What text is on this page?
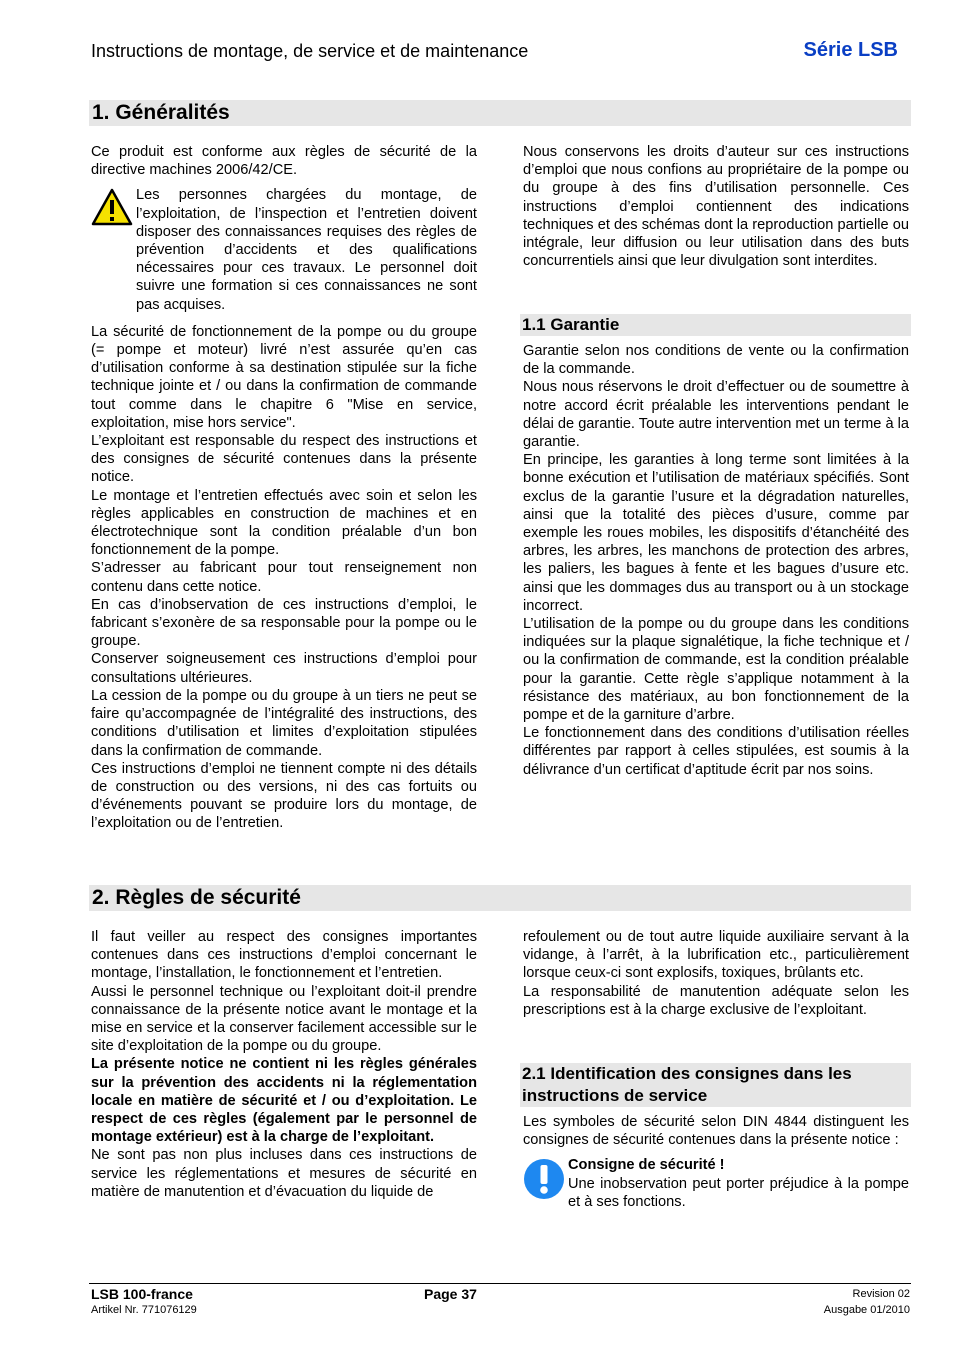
Instructions de montage, de service et de maintenance	Série LSB
1. Généralités

Ce produit est conforme aux règles de sécurité de la directive machines 2006/42/CE.

Les personnes chargées du montage, de l’exploitation, de l’inspection et l’entretien doivent disposer des connaissances requises des règles de prévention d’accidents et des qualifications nécessaires pour ces travaux. Le personnel doit suivre une formation si ces connaissances ne sont pas acquises.

La sécurité de fonctionnement de la pompe ou du groupe (= pompe et moteur) livré n’est assurée qu’en cas d’utilisation conforme à sa destination stipulée sur la fiche technique jointe et / ou dans la confirmation de commande tout comme dans le chapitre 6 "Mise en service, exploitation, mise hors service".

L’exploitant est responsable du respect des instructions et des consignes de sécurité contenues dans la présente notice.

Le montage et l’entretien effectués avec soin et selon les règles applicables en construction de machines et en électrotechnique sont la condition préalable d’un bon fonctionnement de la pompe.

S’adresser au fabricant pour tout renseignement non contenu dans cette notice.

En cas d’inobservation de ces instructions d’emploi, le fabricant s’exonère de sa responsable pour la pompe ou le groupe.

Conserver soigneusement ces instructions d’emploi pour consultations ultérieures.

La cession de la pompe ou du groupe à un tiers ne peut se faire qu’accompagnée de l’intégralité des instructions, des conditions d’utilisation et limites d’exploitation stipulées dans la confirmation de commande.

Ces instructions d’emploi ne tiennent compte ni des détails de construction ou des versions, ni des cas fortuits ou d’événements pouvant se produire lors du montage, de l’exploitation ou de l’entretien.

Nous conservons les droits d’auteur sur ces instructions d’emploi que nous confions au propriétaire de la pompe ou du groupe à des fins d’utilisation personnelle. Ces instructions d’emploi contiennent des indications techniques et des schémas dont la reproduction partielle ou intégrale, leur diffusion ou leur utilisation dans des buts concurrentiels ainsi que leur divulgation sont interdites.

1.1 Garantie

Garantie selon nos conditions de vente ou la confirmation de la commande.

Nous nous réservons le droit d’effectuer ou de soumettre à notre accord écrit préalable les interventions pendant le délai de garantie. Toute autre intervention met un terme à la garantie.

En principe, les garanties à long terme sont limitées à la bonne exécution et l’utilisation de matériaux spécifiés. Sont exclus de la garantie l’usure et la dégradation naturelles, ainsi que la totalité des pièces d’usure, comme par exemple les roues mobiles, les dispositifs d’étanchéité des arbres, les arbres, les manchons de protection des arbres, les paliers, les bagues à fente et les bagues d’usure etc. ainsi que les dommages dus au transport ou à un stockage incorrect.

L’utilisation de la pompe ou du groupe dans les conditions indiquées sur la plaque signalétique, la fiche technique et / ou la confirmation de commande, est la condition préalable pour la garantie. Cette règle s’applique notamment à la résistance des matériaux, au bon fonctionnement de la pompe et de la garniture d’arbre.

Le fonctionnement dans des conditions d’utilisation réelles différentes par rapport à celles stipulées, est soumis à la délivrance d’un certificat d’aptitude écrit par nos soins.

2. Règles de sécurité

Il faut veiller au respect des consignes importantes contenues dans ces instructions d’emploi concernant le montage, l’installation, le fonctionnement et l’entretien.

Aussi le personnel technique ou l’exploitant doit-il prendre connaissance de la présente notice avant le montage et la mise en service et la conserver facilement accessible sur le site d’exploitation de la pompe ou du groupe.

La présente notice ne contient ni les règles générales sur la prévention des accidents ni la réglementation locale en matière de sécurité et / ou d’exploitation. Le respect de ces règles (également par le personnel de montage extérieur) est à la charge de l’exploitant.

Ne sont pas non plus incluses dans ces instructions de service les réglementations et mesures de sécurité en matière de manutention et d’évacuation du liquide de

refoulement ou de tout autre liquide auxiliaire servant à la vidange, à l’arrêt, à la lubrification etc., particulièrement lorsque ceux-ci sont explosifs, toxiques, brûlants etc.

La responsabilité de manutention adéquate selon les prescriptions est à la charge exclusive de l’exploitant.

2.1 Identification des consignes dans les instructions de service

Les symboles de sécurité selon DIN 4844 distinguent les consignes de sécurité contenues dans la présente notice :

Consigne de sécurité !

Une inobservation peut porter préjudice à la pompe et à ses fonctions.

LSB 100-france
Artikel Nr. 771076129
Page 37	Revision 02
Ausgabe 01/2010
